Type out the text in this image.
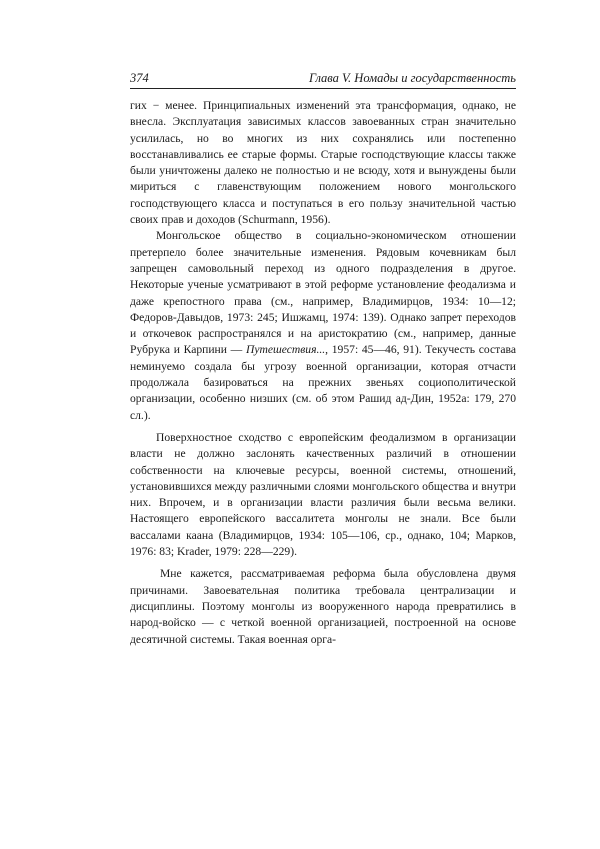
374	Глава V. Номады и государственность

гих − менее. Принципиальных изменений эта трансформация, однако, не внесла. Эксплуатация зависимых классов завоеванных стран значительно усилилась, но во многих из них сохранялись или постепенно восстанавливались ее старые формы. Старые господствующие классы также были уничтожены далеко не полностью и не всюду, хотя и вынуждены были мириться с главенствующим положением нового монгольского господствующего класса и поступаться в его пользу значительной частью своих прав и доходов (Schurmann, 1956).

Монгольское общество в социально-экономическом отношении претерпело более значительные изменения. Рядовым кочевникам был запрещен самовольный переход из одного подразделения в другое. Некоторые ученые усматривают в этой реформе установление феодализма и даже крепостного права (см., например, Владимирцов, 1934: 10—12; Федоров-Давыдов, 1973: 245; Ишжамц, 1974: 139). Однако запрет переходов и откочевок распространялся и на аристократию (см., например, данные Рубрука и Карпини — Путешествия..., 1957: 45—46, 91). Текучесть состава неминуемо создала бы угрозу военной организации, которая отчасти продолжала базироваться на прежних звеньях социополитической организации, особенно низших (см. об этом Рашид ад-Дин, 1952а: 179, 270 сл.).

Поверхностное сходство с европейским феодализмом в организации власти не должно заслонять качественных различий в отношении собственности на ключевые ресурсы, военной системы, отношений, установившихся между различными слоями монгольского общества и внутри них. Впрочем, и в организации власти различия были весьма велики. Настоящего европейского вассалитета монголы не знали. Все были вассалами каана (Владимирцов, 1934: 105—106, ср., однако, 104; Марков, 1976: 83; Krader, 1979: 228—229).

Мне кажется, рассматриваемая реформа была обусловлена двумя причинами. Завоевательная политика требовала централизации и дисциплины. Поэтому монголы из вооруженного народа превратились в народ-войско — с четкой военной организацией, построенной на основе десятичной системы. Такая военная орга-
